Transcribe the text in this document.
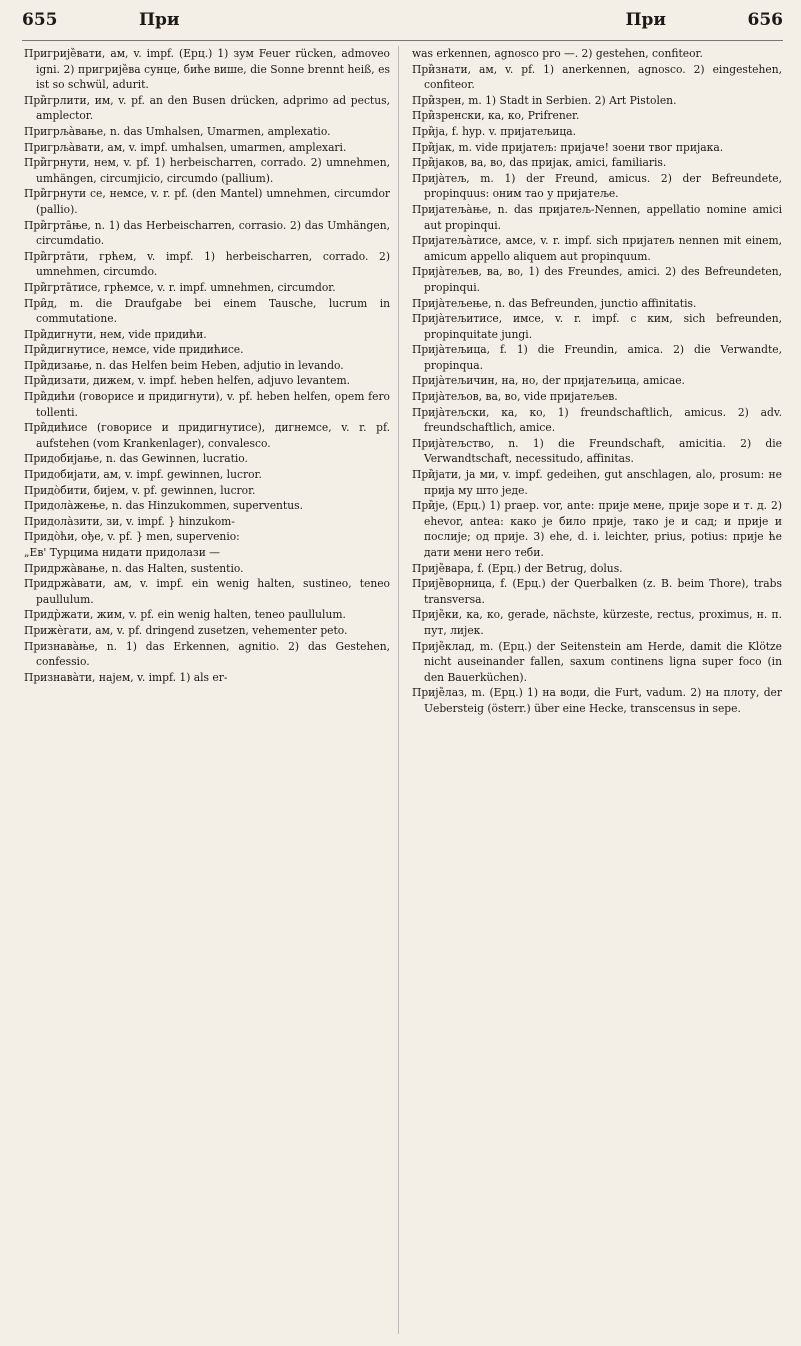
655	При	При	656

Пригрије̏вати, ам, v. impf. (Ерц.) 1) зум Feuer rücken, admoveo igni. 2) пригрије̏ва сунце, биће више, die Sonne brennt heiß, es ist so schwül, adurit.

При̏грлити, им, v. pf. an den Busen drücken, adprimo ad pectus, amplector.

Пригрља̀вање, n. das Umhalsen, Umarmen, amplexatio.

Пригрља̀вати, ам, v. impf. umhalsen, umarmen, amplexari.

При̏грнути, нем, v. pf. 1) herbeischarren, corrado. 2) umnehmen, umhängen, circumjicio, circumdo (pallium).

При̏грнути се, немсе, v. r. pf. (den Mantel) umnehmen, circumdor (pallio).

При̏грта̄ње, n. 1) das Herbeischarren, corrasio. 2) das Umhängen, circumdatio.

При̏грта̄ти, грћем, v. impf. 1) herbeischarren, corrado. 2) umnehmen, circumdo.

При̏грта̄тисе, грћемсе, v. r. impf. umnehmen, circumdor.

При̑д, m. die Draufgabe bei einem Tausche, lucrum in commutatione.

При̏дигнути, нем, vide придићи.

При̏дигнутисе, немсе, vide придићисе.

При̏дизање, n. das Helfen beim Heben, adjutio in levando.

При̏дизати, дижем, v. impf. heben helfen, adjuvo levantem.

При̏дићи (говорисе и придигнути), v. pf. heben helfen, opem fero tollenti.

При̏дићисе (говорисе и придигнутисе), дигнемсе, v. r. pf. aufstehen (vom Krankenlager), convalesco.

Придобијање, n. das Gewinnen, lucratio.

Придобијати, ам, v. impf. gewinnen, lucror.

Придо̀бити, бијем, v. pf. gewinnen, lucror.

Придола̀жење, n. das Hinzukommen, superventus.

Придола̀зити, зи, v. impf. } hinzukom-

Придо̀ћи, ође, v. pf. } men, supervenio:

„Ев' Турцима нидати придолази —

Придржа̀вање, n. das Halten, sustentio.

Придржа̀вати, ам, v. impf. ein wenig halten, sustineo, teneo paullulum.

Придр̀жати, жим, v. pf. ein wenig halten, teneo paullulum.

Прижѐгати, ам, v. pf. dringend zusetzen, vehementer peto.

Признава̀ње, n. 1) das Erkennen, agnitio. 2) das Gestehen, confessio.

Признава̀ти, најем, v. impf. 1) als er-

was erkennen, agnosco pro —. 2) gestehen, confiteor.

При̏знати, ам, v. pf. 1) anerkennen, agnosco. 2) eingestehen, confiteor.

При̏зрен, m. 1) Stadt in Serbien. 2) Art Pistolen.

При̏зренски, ка, ко, Prifrener.

При̏ја, f. hyp. v. пријатељица.

При̏јак, m. vide пријатељ: пријаче! зоени твог пријака.

При̏јаков, ва, во, das пријак, amici, familiaris.

Прија̀тељ, m. 1) der Freund, amicus. 2) der Befreundete, propinquus: оним тао у пријатеље.

Пријатеља̀ње, n. das пријатељ-Nennen, appellatio nomine amici aut propinqui.

Пријатеља̀тисе, амсе, v. r. impf. sich пријатељ nennen mit einem, amicum appello aliquem aut propinquum.

Прија̀тељев, ва, во, 1) des Freundes, amici. 2) des Befreundeten, propinqui.

Прија̀тељење, n. das Befreunden, junctio affinitatis.

Прија̀тељитисе, имсе, v. r. impf. с ким, sich befreunden, propinquitate jungi.

Прија̀тељица, f. 1) die Freundin, amica. 2) die Verwandte, propinqua.

Прија̀тељичин, на, но, der пријатељица, amicae.

Прија̀тељов, ва, во, vide пријатељев.

Прија̀тељски, ка, ко, 1) freundschaftlich, amicus. 2) adv. freundschaftlich, amice.

Прија̀тељство, n. 1) die Freundschaft, amicitia. 2) die Verwandtschaft, necessitudo, affinitas.

При̏јати, ја ми, v. impf. gedeihen, gut anschlagen, alo, prosum: не прија му што једе.

При̏је, (Ерц.) 1) praep. vor, ante: прије мене, прије зоре и т. д. 2) ehevor, antea: како је било прије, тако је и сад; и прије и послије; од прије. 3) ehe, d. i. leichter, prius, potius: прије ће дати мени него теби.

Прије̏вара, f. (Ерц.) der Betrug, dolus.

Прије̏ворница, f. (Ерц.) der Querbalken (z. B. beim Thore), trabs transversa.

Прије̏ки, ка, ко, gerade, nächste, kürzeste, rectus, proximus, н. п. пут, лијек.

Прије̏клад, m. (Ерц.) der Seitenstein am Herde, damit die Klötze nicht auseinander fallen, saxum continens ligna super foco (in den Bauerküchen).

Прије̏лаз, m. (Ерц.) 1) на води, die Furt, vadum. 2) на плоту, der Uebersteig (österr.) über eine Hecke, transcensus in sepe.
